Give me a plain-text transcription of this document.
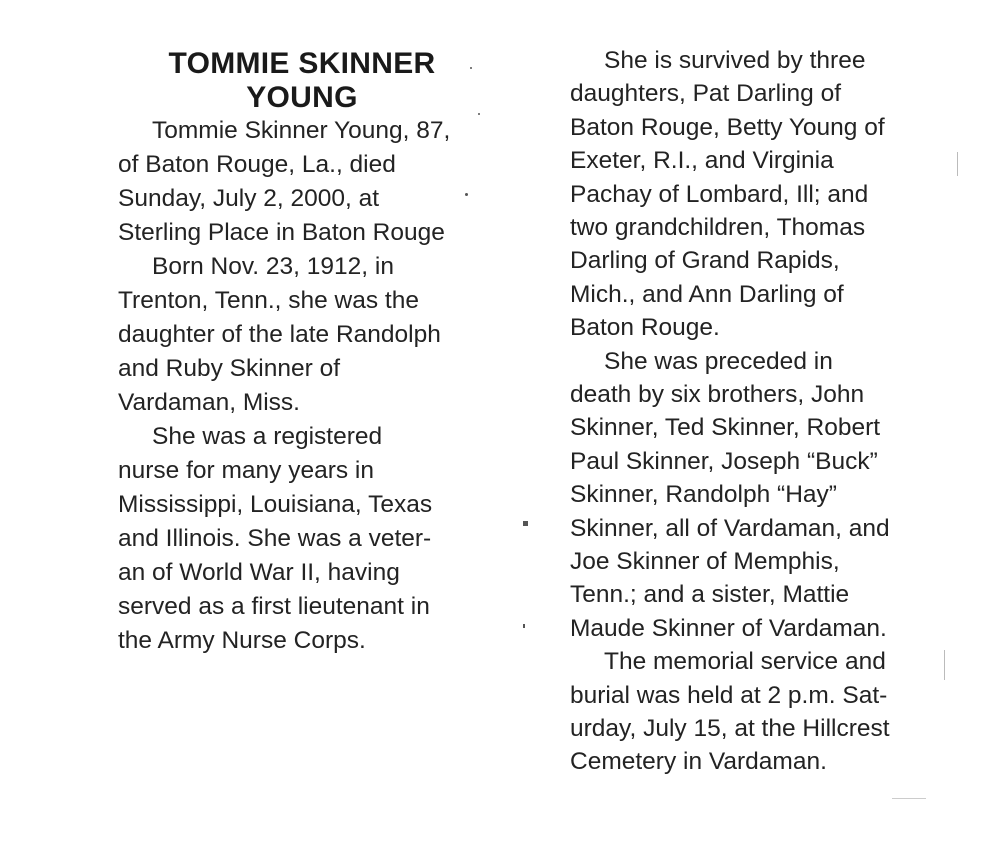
TOMMIE SKINNER
YOUNG
Tommie Skinner Young, 87,
of Baton Rouge, La., died
Sunday, July 2, 2000, at
Sterling Place in Baton Rouge
Born Nov. 23, 1912, in
Trenton, Tenn., she was the
daughter of the late Randolph
and Ruby Skinner of
Vardaman, Miss.
She was a registered
nurse for many years in
Mississippi, Louisiana, Texas
and Illinois. She was a veter-
an of World War II, having
served as a first lieutenant in
the Army Nurse Corps.
She is survived by three
daughters, Pat Darling of
Baton Rouge, Betty Young of
Exeter, R.I., and Virginia
Pachay of Lombard, Ill; and
two grandchildren, Thomas
Darling of Grand Rapids,
Mich., and Ann Darling of
Baton Rouge.
She was preceded in
death by six brothers, John
Skinner, Ted Skinner, Robert
Paul Skinner, Joseph “Buck”
Skinner, Randolph “Hay”
Skinner, all of Vardaman, and
Joe Skinner of Memphis,
Tenn.; and a sister, Mattie
Maude Skinner of Vardaman.
The memorial service and
burial was held at 2 p.m. Sat-
urday, July 15, at the Hillcrest
Cemetery in Vardaman.
